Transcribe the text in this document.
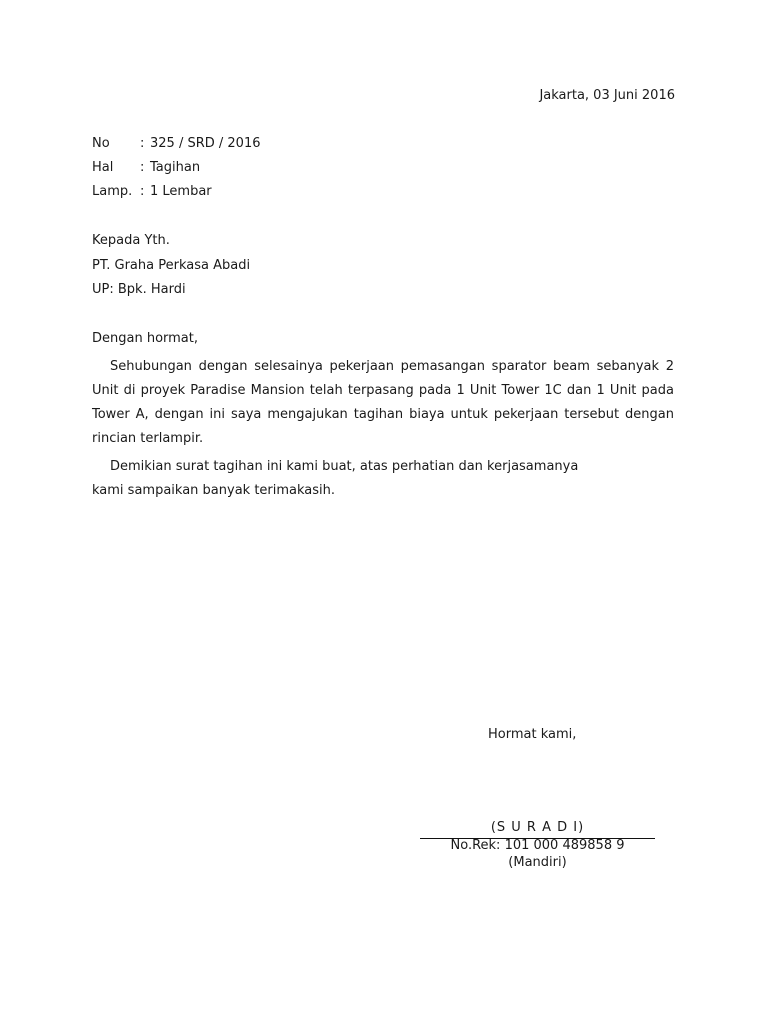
Jakarta, 03 Juni 2016
No : 325 / SRD / 2016
Hal : Tagihan
Lamp. : 1 Lembar
Kepada Yth.
PT. Graha Perkasa Abadi
UP: Bpk. Hardi
Dengan hormat,
Sehubungan dengan selesainya pekerjaan pemasangan sparator beam sebanyak 2 Unit di proyek Paradise Mansion telah terpasang pada 1 Unit Tower 1C dan 1 Unit pada Tower A, dengan ini saya mengajukan tagihan biaya untuk pekerjaan tersebut dengan rincian terlampir.
Demikian surat tagihan ini kami buat, atas perhatian dan kerjasamanya kami sampaikan banyak terimakasih.
Hormat kami,
(S U R A D I)
No.Rek: 101 000 489858 9
(Mandiri)
